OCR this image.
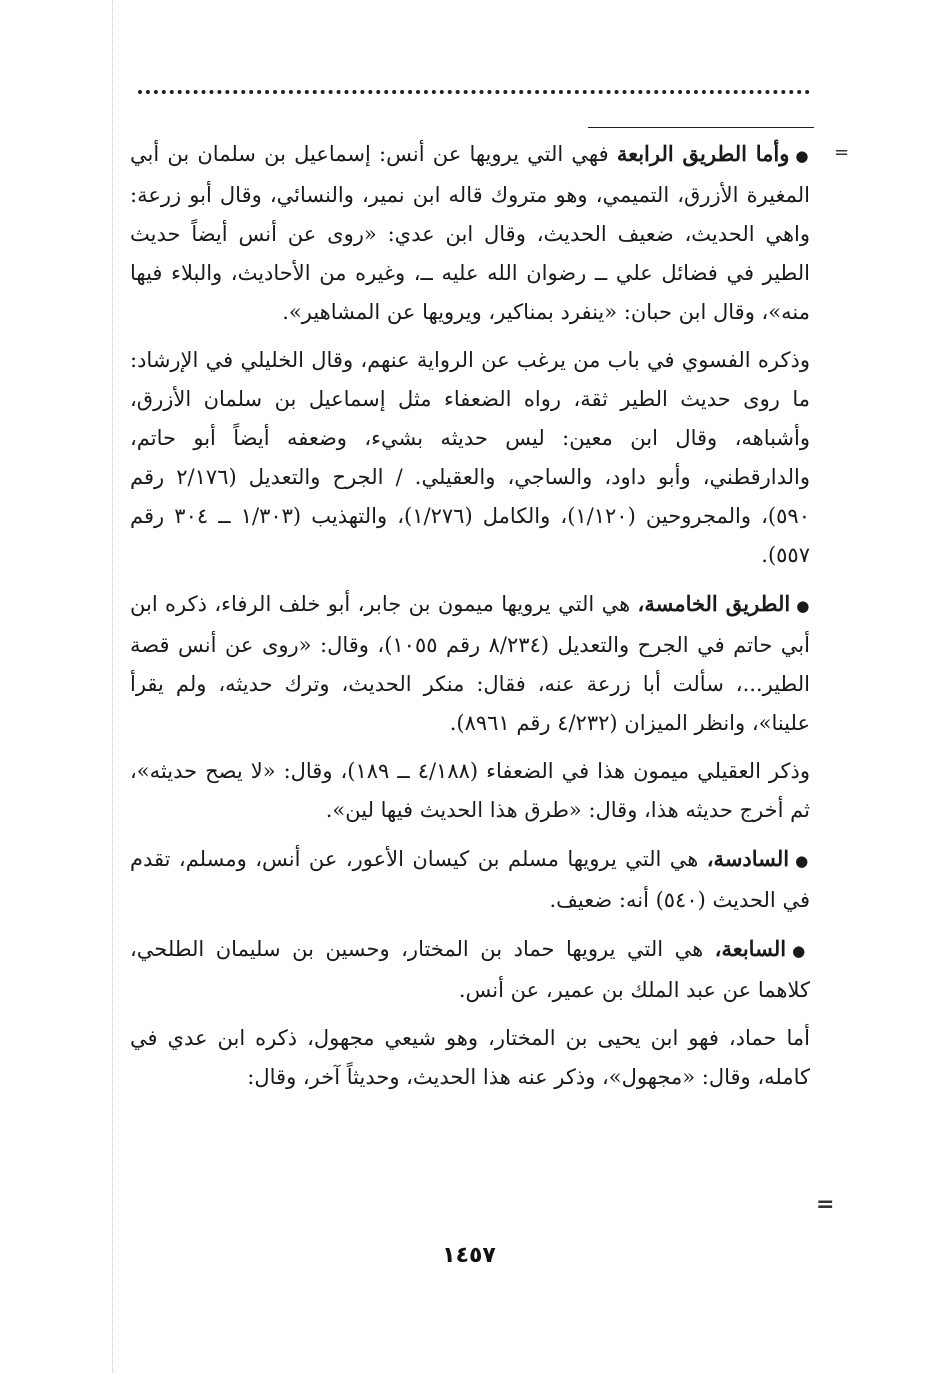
=

●وأما الطريق الرابعة فهي التي يرويها عن أنس: إسماعيل بن سلمان بن أبي المغيرة الأزرق، التميمي، وهو متروك قاله ابن نمير، والنسائي، وقال أبو زرعة: واهي الحديث، ضعيف الحديث، وقال ابن عدي: «روى عن أنس أيضاً حديث الطير في فضائل علي ــ رضوان الله عليه ــ، وغيره من الأحاديث، والبلاء فيها منه»، وقال ابن حبان: «ينفرد بمناكير، ويرويها عن المشاهير».

وذكره الفسوي في باب من يرغب عن الرواية عنهم، وقال الخليلي في الإرشاد: ما روى حديث الطير ثقة، رواه الضعفاء مثل إسماعيل بن سلمان الأزرق، وأشباهه، وقال ابن معين: ليس حديثه بشيء، وضعفه أيضاً أبو حاتم، والدارقطني، وأبو داود، والساجي، والعقيلي. / الجرح والتعديل (٢/١٧٦ رقم ٥٩٠)، والمجروحين (١/١٢٠)، والكامل (١/٢٧٦)، والتهذيب (١/٣٠٣ ــ ٣٠٤ رقم ٥٥٧).

●الطريق الخامسة، هي التي يرويها ميمون بن جابر، أبو خلف الرفاء، ذكره ابن أبي حاتم في الجرح والتعديل (٨/٢٣٤ رقم ١٠٥٥)، وقال: «روى عن أنس قصة الطير...، سألت أبا زرعة عنه، فقال: منكر الحديث، وترك حديثه، ولم يقرأ علينا»، وانظر الميزان (٤/٢٣٢ رقم ٨٩٦١).

وذكر العقيلي ميمون هذا في الضعفاء (٤/١٨٨ ــ ١٨٩)، وقال: «لا يصح حديثه»، ثم أخرج حديثه هذا، وقال: «طرق هذا الحديث فيها لين».

●السادسة، هي التي يرويها مسلم بن كيسان الأعور، عن أنس، ومسلم، تقدم في الحديث (٥٤٠) أنه: ضعيف.

●السابعة، هي التي يرويها حماد بن المختار، وحسين بن سليمان الطلحي، كلاهما عن عبد الملك بن عمير، عن أنس.

أما حماد، فهو ابن يحيى بن المختار، وهو شيعي مجهول، ذكره ابن عدي في كامله، وقال: «مجهول»، وذكر عنه هذا الحديث، وحديثاً آخر، وقال:

=
١٤٥٧
